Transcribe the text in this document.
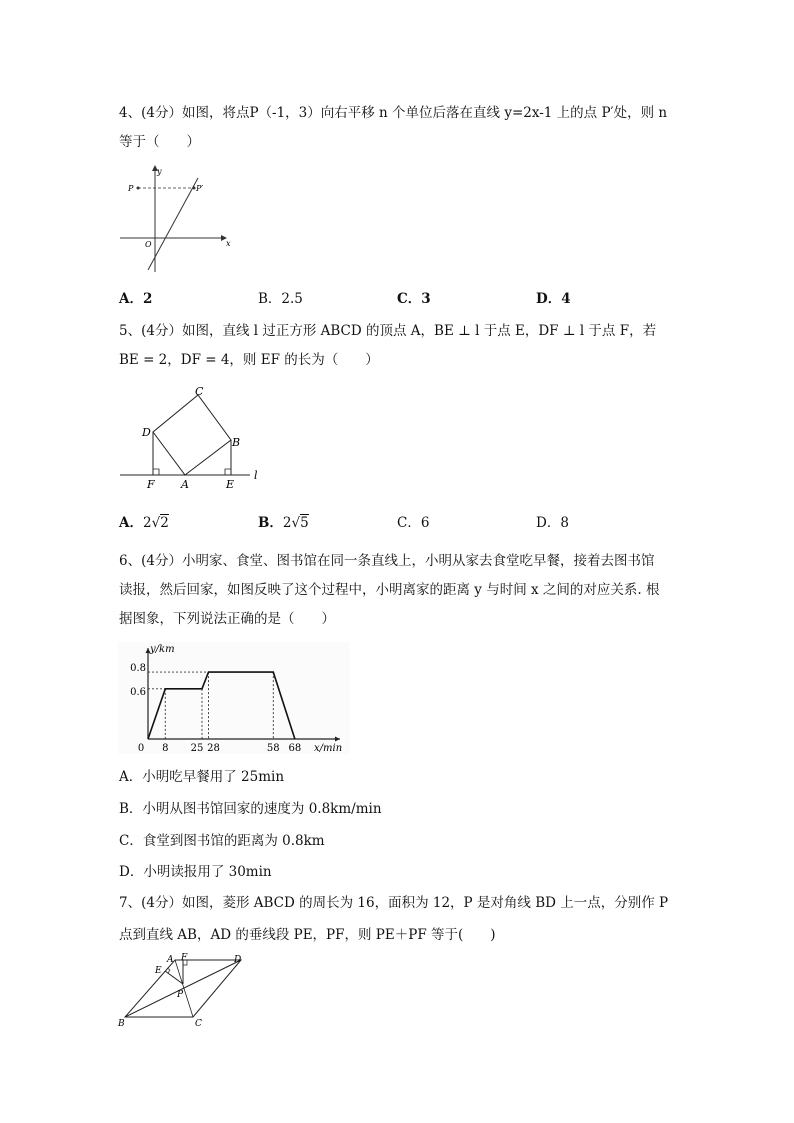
4、(4分）如图，将点P（-1，3）向右平移 n 个单位后落在直线 y=2x-1 上的点 P′处，则 n
等于（　　）
y
x
O
P	P′
A．2	B．2.5	C．3	D．4
5、(4分）如图，直线 l 过正方形 ABCD 的顶点 A，BE ⊥ l 于点 E，DF ⊥ l 于点 F，若
BE = 2，DF = 4，则 EF 的长为（　　）
C
D
B
F A	E
l
A．2√2	B．2√5	C．6	D．8
6、(4分）小明家、食堂、图书馆在同一条直线上，小明从家去食堂吃早餐，接着去图书馆
读报，然后回家，如图反映了这个过程中，小明离家的距离 y 与时间 x 之间的对应关系. 根
据图象，下列说法正确的是（　　）
0 8 25 28	58 68
0.6
0.8
y/km
x/min
A．小明吃早餐用了 25min
B．小明从图书馆回家的速度为 0.8km/min
C．食堂到图书馆的距离为 0.8km
D．小明读报用了 30min
7、(4分）如图，菱形 ABCD 的周长为 16，面积为 12，P 是对角线 BD 上一点，分别作 P
点到直线 AB，AD 的垂线段 PE，PF，则 PE＋PF 等于(　　)
A F	D
E
P
B	C
